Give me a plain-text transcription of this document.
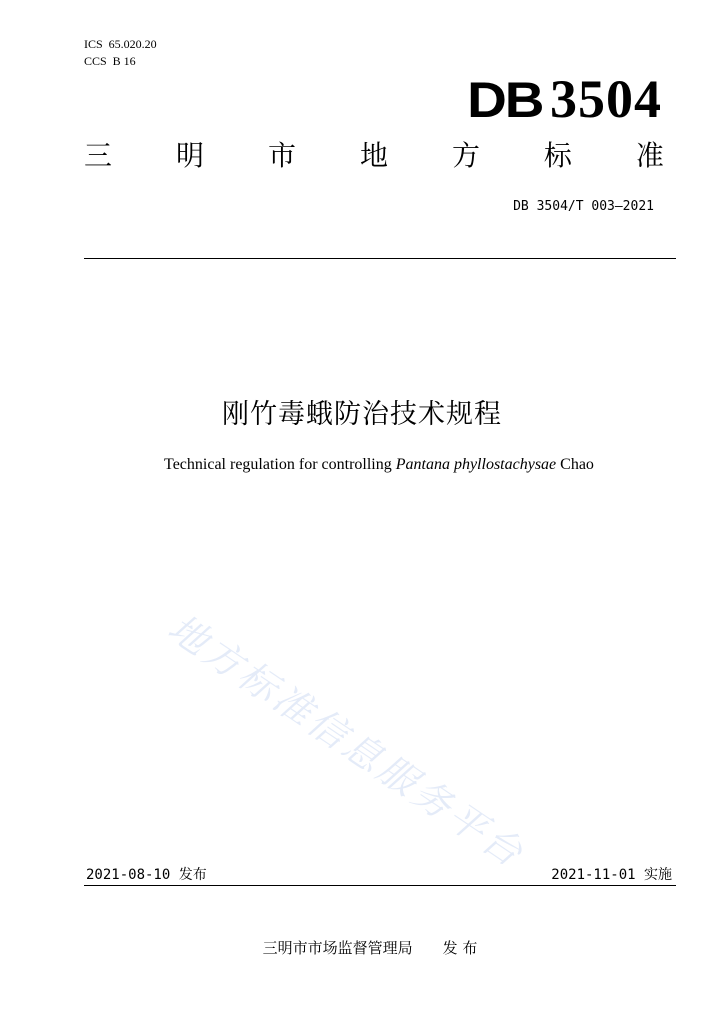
ICS  65.020.20
CCS  B 16
DB 3504
三 明 市 地 方 标 准
DB 3504/T 003—2021
刚竹毒蛾防治技术规程
Technical regulation for controlling Pantana phyllostachysae Chao
地方标准信息服务平台
2021-08-10 发布	2021-11-01 实施
三明市市场监督管理局 发 布
